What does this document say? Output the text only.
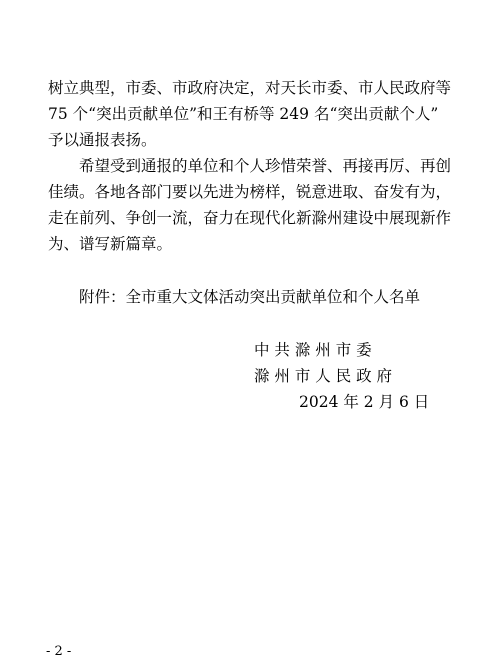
树立典型，市委、市政府决定，对天长市委、市人民政府等
75 个“突出贡献单位”和王有桥等 249 名“突出贡献个人”
予以通报表扬。
希望受到通报的单位和个人珍惜荣誉、再接再厉、再创
佳绩。各地各部门要以先进为榜样，锐意进取、奋发有为，
走在前列、争创一流，奋力在现代化新滁州建设中展现新作
为、谱写新篇章。
附件：全市重大文体活动突出贡献单位和个人名单
中 共 滁 州 市 委
滁 州 市 人 民 政 府
2024 年 2 月 6 日
- 2 -
